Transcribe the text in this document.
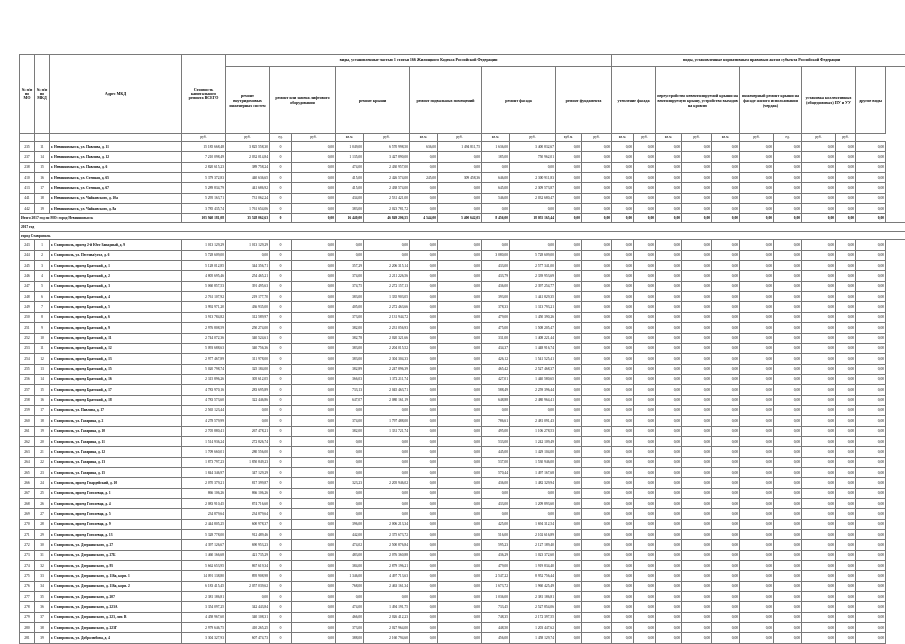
№ п/п по МО	№ п/п по МКД	Адрес МКД	Стоимость капитального ремонта ВСЕГО	виды, установленные частью 1 статьи 166 Жилищного Кодекса Российской Федерации											виды, установленные нормативным правовым актом субъекта Российской Федерации									
				ремонт внутридомовых инженерных систем	ремонт или замена лифтового оборудования		ремонт крыши		ремонт подвальных помещений		ремонт фасада		ремонт фундамента		утепление фасада		переустройство невентилируемой крыши на вентилируемую крышу, устройство выходов на кровлю			инженерный ремонт крыши на фасаде жилого использования (чердак)		установка коллективных (общедомовых) ПУ и УУ		другие виды
			руб.	руб.	ед.	руб.	кв.м.	руб.	кв.м.	руб.	кв.м.	руб.	куб.м.	руб.	кв.м.	руб.	кв.м.	руб.	кв.м.	руб.	ед.	руб.	руб.	
235	11	г. Невинномысск, ул. Павлова, д. 11	15 185 668,48	3 825 558,30	0	0,00	1 049,00	6 570 998,50	636,00	1 494 811,75	1 636,00	3 400 832,67	0,00	0,00	0,00	0,00	0,00	0,00	0,00	0,00	0,00	0,00	0,00	0,00
237	14	г. Невинномысск, ул. Павлова, д. 12	7 210 098,49	2 032 014,84	0	0,00	1 135,00	3 427 890,00	0,00	0,00	185,00	750 962,01	0,00	0,00	0,00	0,00	0,00	0,00	0,00	0,00	0,00	0,00	0,00	0,00
238	15	г. Невинномысск, ул. Павлова, д. 6	2 820 615,23	389 758,24	0	0,00	474,00	2 430 957,00	0,00	0,00	0,00	0,00	0,00	0,00	0,00	0,00	0,00	0,00	0,00	0,00	0,00	0,00	0,00	0,00
410	16	г. Невинномысск, ул. Степная, д. 65	5 379 372,83	440 636,65	0	0,00	415,00	2 426 574,00	245,00	309 458,36	646,00	2 300 911,83	0,00	0,00	0,00	0,00	0,00	0,00	0,00	0,00	0,00	0,00	0,00	0,00
413	17	г. Невинномысск, ул. Степная, д. 67	5 289 834,79	441 686,92	0	0,00	415,00	2 438 574,00	0,00	0,00	645,00	2 309 573,87	0,00	0,00	0,00	0,00	0,00	0,00	0,00	0,00	0,00	0,00	0,00	0,00
441	18	г. Невинномысск, ул. Чайковского, д. 10а	5 295 163,71	731 062,24	0	0,00	434,00	2 531 421,00	0,00	0,00	546,00	2 032 680,47	0,00	0,00	0,00	0,00	0,00	0,00	0,00	0,00	0,00	0,00	0,00	0,00
442	19	г. Невинномысск, ул. Чайковского, д. 8а	3 785 435,74	1 761 654,06	0	0,00	383,00	2 023 781,72	0,00	0,00	0,00	0,00	0,00	0,00	0,00	0,00	0,00	0,00	0,00	0,00	0,00	0,00	0,00	0,00
Итого 2017 год по МО: город Невинномысск			105 940 181,08	35 528 062,63	0	0,00	16 440,00	46 849 206,55	4 544,00	5 400 642,05	8 456,00	18 055 165,44	0,00	0,00	0,00	0,00	0,00	0,00	0,00	0,00	0,00	0,00	0,00	0,00
2017 год																								
город Ставрополь																								
243	1	г. Ставрополь, проезд 2-й Юго-Западный, д. 9	1 013 129,29	1 013 129,29	0	0,00	0,00	0,00	0,00	0,00	0,00	0,00	0,00	0,00	0,00	0,00	0,00	0,00	0,00	0,00	0,00	0,00	0,00	0,00
244	2	г. Ставрополь, ул. Пестова/угол, д. 6	5 728 609,00	0,00	0	0,00	0,00	0,00	0,00	0,00	3 080,00	5 728 609,00	0,00	0,00	0,00	0,00	0,00	0,00	0,00	0,00	0,00	0,00	0,00	0,00
245	3	г. Ставрополь, проезд Братский, д. 1	5 128 012,85	344 356,71	0	0,00	357,29	2 206 315,14	0,00	0,00	433,00	2 577 341,00	0,00	0,00	0,00	0,00	0,00	0,00	0,00	0,00	0,00	0,00	0,00	0,00
246	4	г. Ставрополь, проезд Братский, д. 2	4 805 695,46	254 465,21	0	0,00	374,00	2 211 226,56	0,00	0,00	433,79	2 339 953,69	0,00	0,00	0,00	0,00	0,00	0,00	0,00	0,00	0,00	0,00	0,00	0,00
247	5	г. Ставрополь, проезд Братский, д. 3	5 060 857,53	391 495,63	0	0,00	374,75	2 272 157,13	0,00	0,00	436,00	2 397 254,77	0,00	0,00	0,00	0,00	0,00	0,00	0,00	0,00	0,00	0,00	0,00	0,00
248	6	г. Ставрополь, проезд Братский, д. 4	2 761 107,92	219 177,70	0	0,00	383,00	1 335 903,05	0,00	0,00	393,00	1 441 829,35	0,00	0,00	0,00	0,00	0,00	0,00	0,00	0,00	0,00	0,00	0,00	0,00
249	7	г. Ставрополь, проезд Братский, д. 5	3 992 971,20	436 935,00	0	0,00	405,00	2 272 463,66	0,00	0,00	378,33	1 313 793,21	0,00	0,00	0,00	0,00	0,00	0,00	0,00	0,00	0,00	0,00	0,00	0,00
250	8	г. Ставрополь, проезд Братский, д. 6	3 913 784,82	312 589,97	0	0,00	373,00	2 131 944,72	0,00	0,00	479,00	1 450 390,26	0,00	0,00	0,00	0,00	0,00	0,00	0,00	0,00	0,00	0,00	0,00	0,00
251	9	г. Ставрополь, проезд Братский, д. 9	2 976 808,59	250 274,00	0	0,00	382,00	2 231 056,93	0,00	0,00	475,00	1 508 205,47	0,00	0,00	0,00	0,00	0,00	0,00	0,00	0,00	0,00	0,00	0,00	0,00
252	10	г. Ставрополь, проезд Братский, д. 11	2 744 072,36	340 524,61	0	0,00	382,78	2 020 321,66	0,00	0,00	331,00	1 408 221,44	0,00	0,00	0,00	0,00	0,00	0,00	0,00	0,00	0,00	0,00	0,00	0,00
253	11	г. Ставрополь, проезд Братский, д. 12	5 093 688,63	340 756,36	0	0,00	383,00	2 204 015,52	0,00	0,00	434,37	1 448 916,74	0,00	0,00	0,00	0,00	0,00	0,00	0,00	0,00	0,00	0,00	0,00	0,00
254	12	г. Ставрополь, проезд Братский, д. 13	2 977 467,89	311 978,00	0	0,00	383,00	2 304 304,33	0,00	0,00	426,12	1 541 525,41	0,00	0,00	0,00	0,00	0,00	0,00	0,00	0,00	0,00	0,00	0,00	0,00
255	13	г. Ставрополь, проезд Братский, д. 15	5 020 798,74	325 184,00	0	0,00	382,89	2 247 896,39	0,00	0,00	465,42	2 527 468,37	0,00	0,00	0,00	0,00	0,00	0,00	0,00	0,00	0,00	0,00	0,00	0,00
256	14	г. Ставрополь, проезд Братский, д. 16	2 315 896,26	305 612,05	0	0,00	366,03	1 372 211,74	0,00	0,00	427,01	1 440 580,65	0,00	0,00	0,00	0,00	0,00	0,00	0,00	0,00	0,00	0,00	0,00	0,00
257	15	г. Ставрополь, проезд Братский, д. 17	4 783 970,16	283 695,89	0	0,00	733,13	2 045 463,71	0,00	0,00	588,49	2 259 396,44	0,00	0,00	0,00	0,00	0,00	0,00	0,00	0,00	0,00	0,00	0,00	0,00
258	16	г. Ставрополь, проезд Братский, д. 18	4 783 573,60	322 446,86	0	0,00	647,07	2 080 161,19	0,00	0,00	648,88	2 480 964,41	0,00	0,00	0,00	0,00	0,00	0,00	0,00	0,00	0,00	0,00	0,00	0,00
259	17	г. Ставрополь, ул. Павлова, д. 17	2 565 123,44	0,00	0	0,00	0,00	0,00	0,00	0,00	0,00	0,00	0,00	0,00	0,00	0,00	0,00	0,00	0,00	0,00	0,00	0,00	0,00	0,00
260	18	г. Ставрополь, ул. Гагарина, д. 2	4 278 579,99	0,00	0	0,00	374,00	1 797 488,00	0,00	0,00	786,61	2 481 091,43	0,00	0,00	0,00	0,00	0,00	0,00	0,00	0,00	0,00	0,00	0,00	0,00
261	19	г. Ставрополь, ул. Гагарина, д. 10	2 705 880,41	267 478,21	0	0,00	382,00	1 331 721,74	0,00	0,00	495,00	1 106 278,53	0,00	0,00	0,00	0,00	0,00	0,00	0,00	0,00	0,00	0,00	0,00	0,00
262	20	г. Ставрополь, ул. Гагарина, д. 11	1 514 936,24	272 826,74	0	0,00	0,00	0,00	0,00	0,00	533,00	1 242 109,49	0,00	0,00	0,00	0,00	0,00	0,00	0,00	0,00	0,00	0,00	0,00	0,00
263	21	г. Ставрополь, ул. Гагарина, д. 12	1 709 660,01	280 556,00	0	0,00	0,00	0,00	0,00	0,00	445,00	1 429 104,00	0,00	0,00	0,00	0,00	0,00	0,00	0,00	0,00	0,00	0,00	0,00	0,00
264	22	г. Ставрополь, ул. Гагарина, д. 13	1 873 797,23	1 850 849,23	0	0,00	0,00	0,00	0,00	0,00	537,00	1 530 946,00	0,00	0,00	0,00	0,00	0,00	0,00	0,00	0,00	0,00	0,00	0,00	0,00
265	23	г. Ставрополь, ул. Гагарина, д. 15	1 844 346,97	347 129,29	0	0,00	0,00	0,00	0,00	0,00	570,44	1 497 167,68	0,00	0,00	0,00	0,00	0,00	0,00	0,00	0,00	0,00	0,00	0,00	0,00
266	24	г. Ставрополь, проезд Гвардейский, д. 10	2 070 379,21	817 399,87	0	0,00	323,23	2 205 946,02	0,00	0,00	436,00	1 482 329,94	0,00	0,00	0,00	0,00	0,00	0,00	0,00	0,00	0,00	0,00	0,00	0,00
267	25	г. Ставрополь, проезд Гоголевца, д. 1	866 106,26	866 106,26	0	0,00	0,00	0,00	0,00	0,00	0,00	0,00	0,00	0,00	0,00	0,00	0,00	0,00	0,00	0,00	0,00	0,00	0,00	0,00
268	26	г. Ставрополь, проезд Гоголевца, д. 4	2 083 910,45	874 716,60	0	0,00	0,00	0,00	0,00	0,00	433,00	1 209 893,60	0,00	0,00	0,00	0,00	0,00	0,00	0,00	0,00	0,00	0,00	0,00	0,00
269	27	г. Ставрополь, проезд Гоголевца, д. 5	234 879,64	234 879,64	0	0,00	0,00	0,00	0,00	0,00	0,00	0,00	0,00	0,00	0,00	0,00	0,00	0,00	0,00	0,00	0,00	0,00	0,00	0,00
270	28	г. Ставрополь, проезд Гоголевца, д. 9	2 444 805,25	600 978,37	0	0,00	396,00	2 006 213,34	0,00	0,00	425,00	1 694 312,54	0,00	0,00	0,00	0,00	0,00	0,00	0,00	0,00	0,00	0,00	0,00	0,00
271	29	г. Ставрополь, проезд Гоголевца, д. 13	5 328 778,00	912 489,46	0	0,00	442,00	2 375 673,72	0,00	0,00	516,00	2 102 616,89	0,00	0,00	0,00	0,00	0,00	0,00	0,00	0,00	0,00	0,00	0,00	0,00
272	30	г. Ставрополь, ул. Дзержинского, д. 27	4 397 126,67	690 953,23	0	0,00	474,02	2 500 876,84	0,00	0,00	595,23	2 127 189,40	0,00	0,00	0,00	0,00	0,00	0,00	0,00	0,00	0,00	0,00	0,00	0,00
273	31	г. Ставрополь, ул. Дзержинского, д. 27Б	1 460 166,68	421 735,29	0	0,00	483,00	2 076 360,88	0,00	0,00	436,29	1 023 372,60	0,00	0,00	0,00	0,00	0,00	0,00	0,00	0,00	0,00	0,00	0,00	0,00
274	32	г. Ставрополь, ул. Дзержинского, д. 95	5 662 653,95	867 619,34	0	0,00	384,00	2 879 196,21	0,00	0,00	479,00	1 919 834,40	0,00	0,00	0,00	0,00	0,00	0,00	0,00	0,00	0,00	0,00	0,00	0,00
275	33	г. Ставрополь, ул. Дзержинского, д. 116а, корп. 1	14 091 138,80	895 908,98	0	0,00	1 346,00	4 497 713,63	0,00	0,00	2 547,22	8 952 756,44	0,00	0,00	0,00	0,00	0,00	0,00	0,00	0,00	0,00	0,00	0,00	0,00
276	34	г. Ставрополь, ул. Дзержинского, д. 116а, корп. 2	6 183 415,45	2 057 039,62	0	0,00	768,00	2 463 161,34	0,00	0,00	1 673,72	1 960 425,49	0,00	0,00	0,00	0,00	0,00	0,00	0,00	0,00	0,00	0,00	0,00	0,00
277	35	г. Ставрополь, ул. Дзержинского, д. 207	2 381 186,81	0,00	0	0,00	0,00	0,00	0,00	0,00	1 036,00	2 381 186,81	0,00	0,00	0,00	0,00	0,00	0,00	0,00	0,00	0,00	0,00	0,00	0,00
278	36	г. Ставрополь, ул. Дзержинского, д. 223А	3 354 097,25	342 443,84	0	0,00	474,00	1 494 191,75	0,00	0,00	733,45	2 527 854,06	0,00	0,00	0,00	0,00	0,00	0,00	0,00	0,00	0,00	0,00	0,00	0,00
279	37	г. Ставрополь, ул. Дзержинского, д. 223, лит. В	4 458 967,60	340 108,31	0	0,00	466,00	2 026 412,23	0,00	0,00	748,35	2 172 397,55	0,00	0,00	0,00	0,00	0,00	0,00	0,00	0,00	0,00	0,00	0,00	0,00
280	38	г. Ставрополь, ул. Дзержинского, д. 223Г	2 979 646,75	410 265,25	0	0,00	373,00	2 027 964,00	0,00	0,00	448,50	1 203 447,62	0,00	0,00	0,00	0,00	0,00	0,00	0,00	0,00	0,00	0,00	0,00	0,00
281	39	г. Ставрополь, ул. Добролюбова, д. 4	3 304 327,93	607 474,73	0	0,00	388,00	2 160 794,60	0,00	0,00	456,00	1 458 129,74	0,00	0,00	0,00	0,00	0,00	0,00	0,00	0,00	0,00	0,00	0,00	0,00
